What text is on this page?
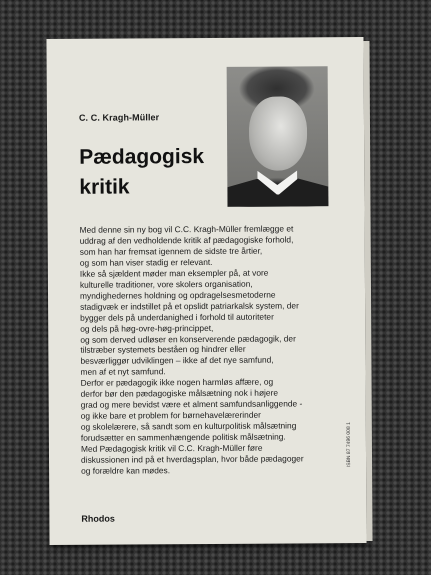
C. C. Kragh-Müller
Pædagogisk
kritik
Med denne sin ny bog vil C.C. Kragh-Müller fremlægge et
uddrag af den vedholdende kritik af pædagogiske forhold,
som han har fremsat igennem de sidste tre årtier,
og som han viser stadig er relevant.
Ikke så sjældent møder man eksempler på, at vore
kulturelle traditioner, vore skolers organisation,
myndighedernes holdning og opdragelsesmetoderne
stadigvæk er indstillet på et opslidt patriarkalsk system, der
bygger dels på underdanighed i forhold til autoriteter
og dels på høg-ovre-høg-princippet,
og som derved udløser en konserverende pædagogik, der
tilstræber systemets beståen og hindrer eller
besværliggør udviklingen – ikke af det nye samfund,
men af et nyt samfund.
Derfor er pædagogik ikke nogen harmløs affære, og
derfor bør den pædagogiske målsætning nok i højere
grad og mere bevidst være et alment samfundsanliggende -
og ikke bare et problem for børnehavelærerinder
og skolelærere, så sandt som en kulturpolitisk målsætning
forudsætter en sammenhængende politisk målsætning.
Med Pædagogisk kritik vil C.C. Kragh-Müller føre
diskussionen ind på et hverdagsplan, hvor både pædagoger
og forældre kan mødes.
ISBN 87 7496 008 1
Rhodos
